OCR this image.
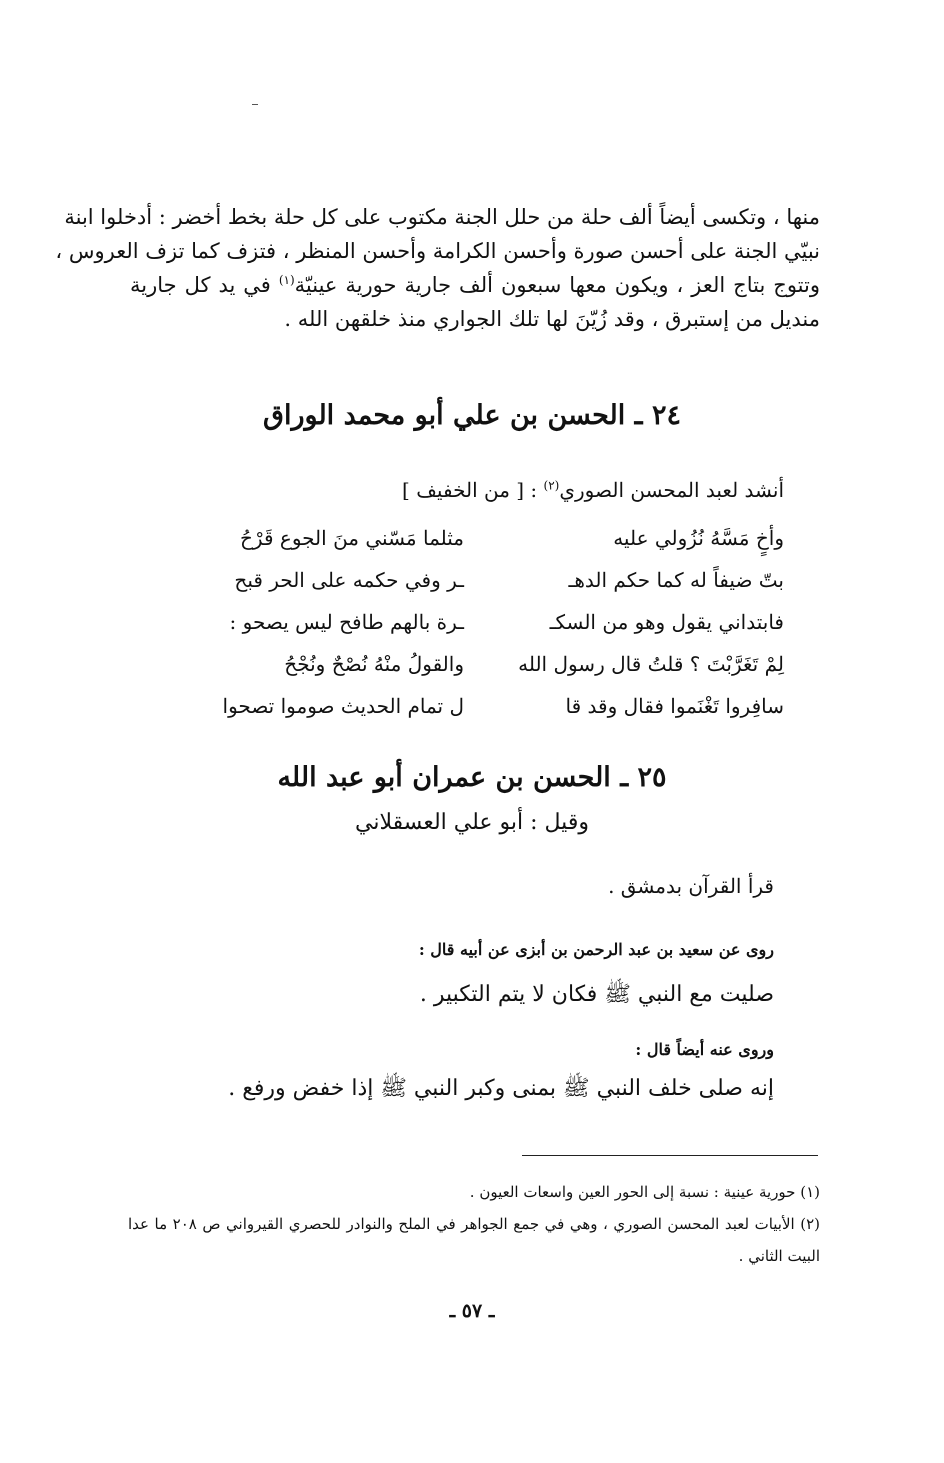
منها ، وتكسى أيضاً ألف حلة من حلل الجنة مكتوب على كل حلة بخط أخضر : أدخلوا ابنة
نبيّي الجنة على أحسن صورة وأحسن الكرامة وأحسن المنظر ، فتزف كما تزف العروس ،
وتتوج بتاج العز ، ويكون معها سبعون ألف جارية حورية عينيّة$^{(١)}$ في يد كل جارية
منديل من إستبرق ، وقد زُيّنَ لها تلك الجواري منذ خلقهن الله .
٢٤ ـ الحسن بن علي أبو محمد الوراق
أنشد لعبد المحسن الصوري$^{(٢)}$ : [ من الخفيف ]
وأخٍ مَسَّهُ نُزُولي عليه
مثلما مَسّني منَ الجوع قَرْحُ
بتّ ضيفاً له كما حكم الدهـ
ـر وفي حكمه على الحر قبح
فابتداني يقول وهو من السكـ
ـرة بالهم طافح ليس يصحو :
لِمْ تَغَرَّبْتَ ؟ قلتُ قال رسول الله
والقولُ منْهُ نُصْحٌ ونُجْحُ
سافِروا تَغْنَموا فقال وقد قا
ل تمام الحديث صوموا تصحوا
٢٥ ـ الحسن بن عمران أبو عبد الله
وقيل : أبو علي العسقلاني
قرأ القرآن بدمشق .
روى عن سعيد بن عبد الرحمن بن أبزى عن أبيه قال :
صليت مع النبي ﷺ فكان لا يتم التكبير .
وروى عنه أيضاً قال :
إنه صلى خلف النبي ﷺ بمنى وكبر النبي ﷺ إذا خفض ورفع .
(١) حورية عينية : نسبة إلى الحور العين واسعات العيون .
(٢) الأبيات لعبد المحسن الصوري ، وهي في جمع الجواهر في الملح والنوادر للحصري القيرواني ص ٢٠٨ ما عدا
البيت الثاني .
ـ ٥٧ ـ
